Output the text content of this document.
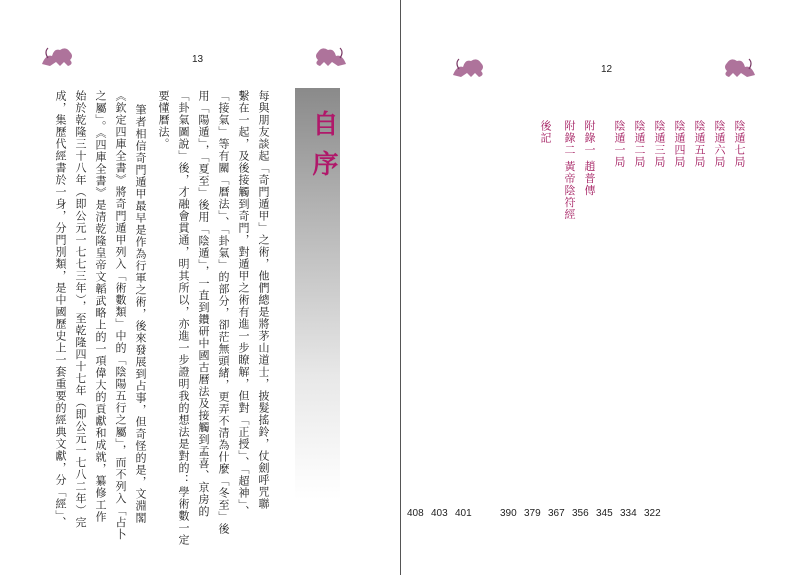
13
自序
每與朋友談起「奇門遁甲」之術，他們總是將茅山道士，披髮搖鈴，仗劍呼咒聯
繫在一起，及後接觸到奇門，對遁甲之術有進一步瞭解，但對「正授」、「超神」、
「接氣」等有關「曆法」、「卦氣」的部分，卻茫無頭緒，更弄不清為什麼「冬至」後
用「陽遁」，「夏至」後用「陰遁」，一直到鑽研中國古曆法及接觸到孟喜、京房的
「卦氣圖說」後，才融會貫通，明其所以，亦進一步證明我的想法是對的：學術數一定
要懂曆法。
筆者相信奇門遁甲最早是作為行軍之術，後來發展到占事，但奇怪的是，文淵閣
《欽定四庫全書》將奇門遁甲列入「術數類」中的「陰陽五行之屬」，而不列入「占卜
之屬」。《四庫全書》是清乾隆皇帝文韜武略上的一項偉大的貢獻和成就，纂修工作
始於乾隆三十八年（即公元一七七三年），至乾隆四十七年（即公元一七八二年）完
成，集歷代經書於一身，分門別類，是中國歷史上一套重要的經典文獻，分「經」、
12
陰遁七局
陰遁六局
陰遁五局
陰遁四局
陰遁三局
陰遁二局
陰遁一局
附錄一 趙普傳
附錄二 黃帝陰符經
後記
408 403 401	390 379 367 356 345 334 322
